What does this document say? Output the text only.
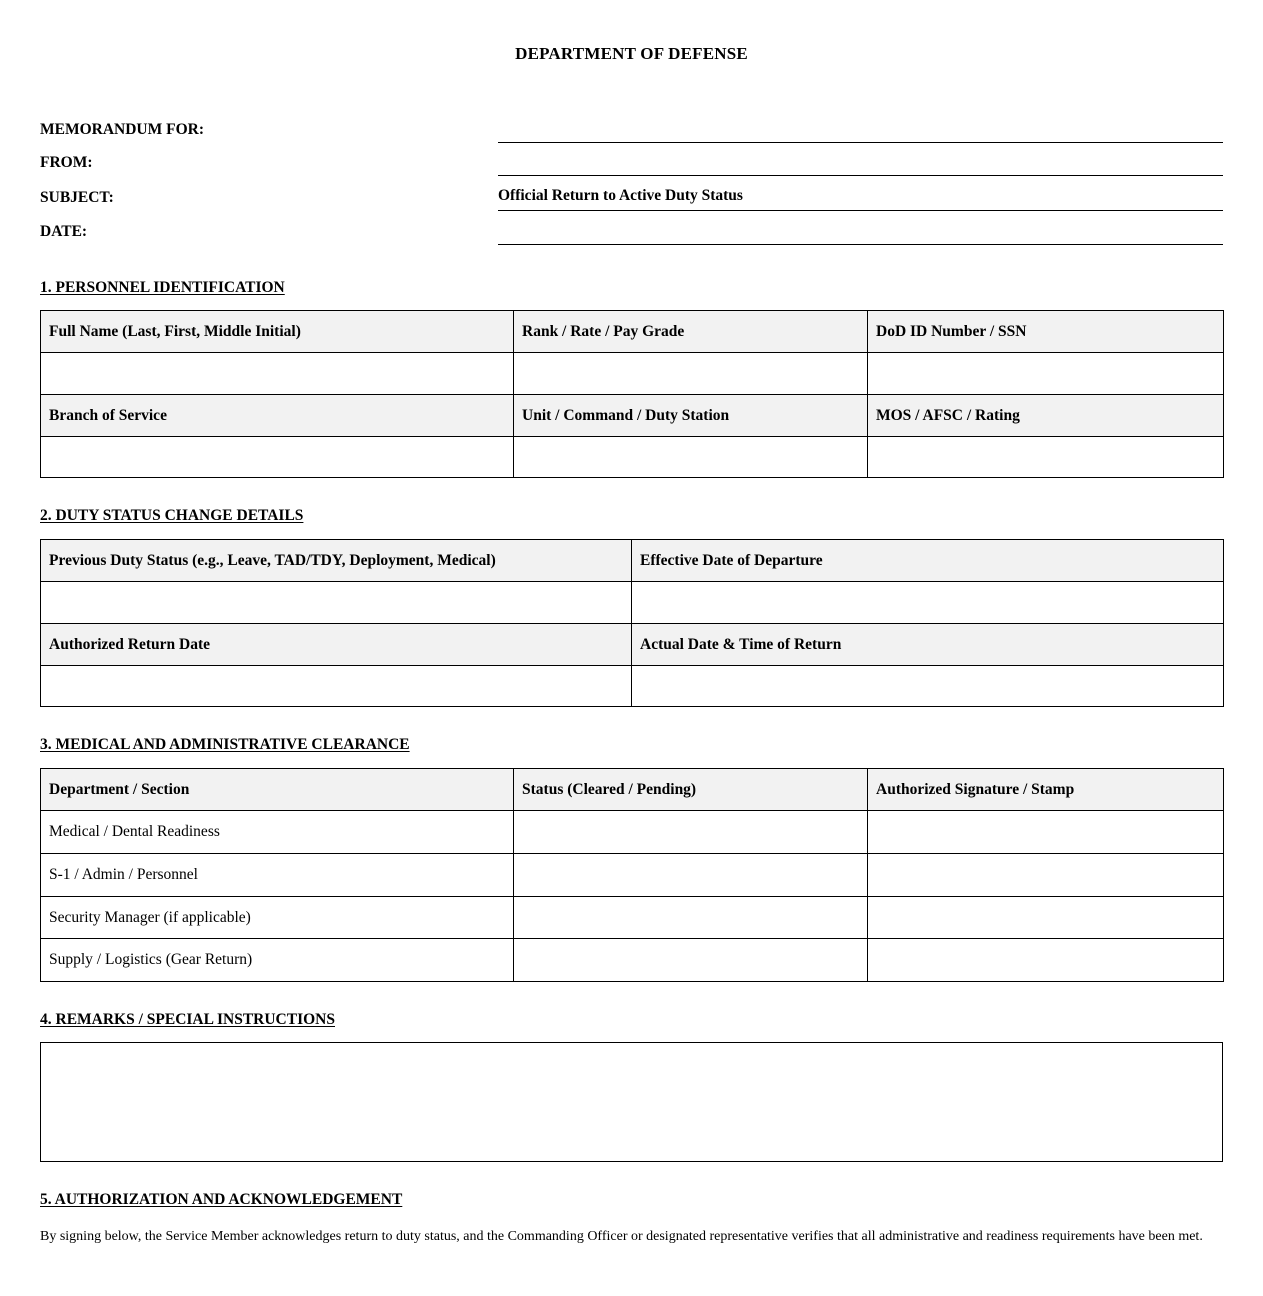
DEPARTMENT OF DEFENSE
MEMORANDUM FOR:
FROM:
SUBJECT:	Official Return to Active Duty Status
DATE:
1. PERSONNEL IDENTIFICATION
Full Name (Last, First, Middle Initial)	Rank / Rate / Pay Grade	DoD ID Number / SSN

Branch of Service	Unit / Command / Duty Station	MOS / AFSC / Rating

2. DUTY STATUS CHANGE DETAILS
Previous Duty Status (e.g., Leave, TAD/TDY, Deployment, Medical)	Effective Date of Departure

Authorized Return Date	Actual Date & Time of Return

3. MEDICAL AND ADMINISTRATIVE CLEARANCE
Department / Section	Status (Cleared / Pending)	Authorized Signature / Stamp
Medical / Dental Readiness		
S-1 / Admin / Personnel		
Security Manager (if applicable)		
Supply / Logistics (Gear Return)		
4. REMARKS / SPECIAL INSTRUCTIONS
5. AUTHORIZATION AND ACKNOWLEDGEMENT
By signing below, the Service Member acknowledges return to duty status, and the Commanding Officer or designated representative verifies that all administrative and readiness requirements have been met.
